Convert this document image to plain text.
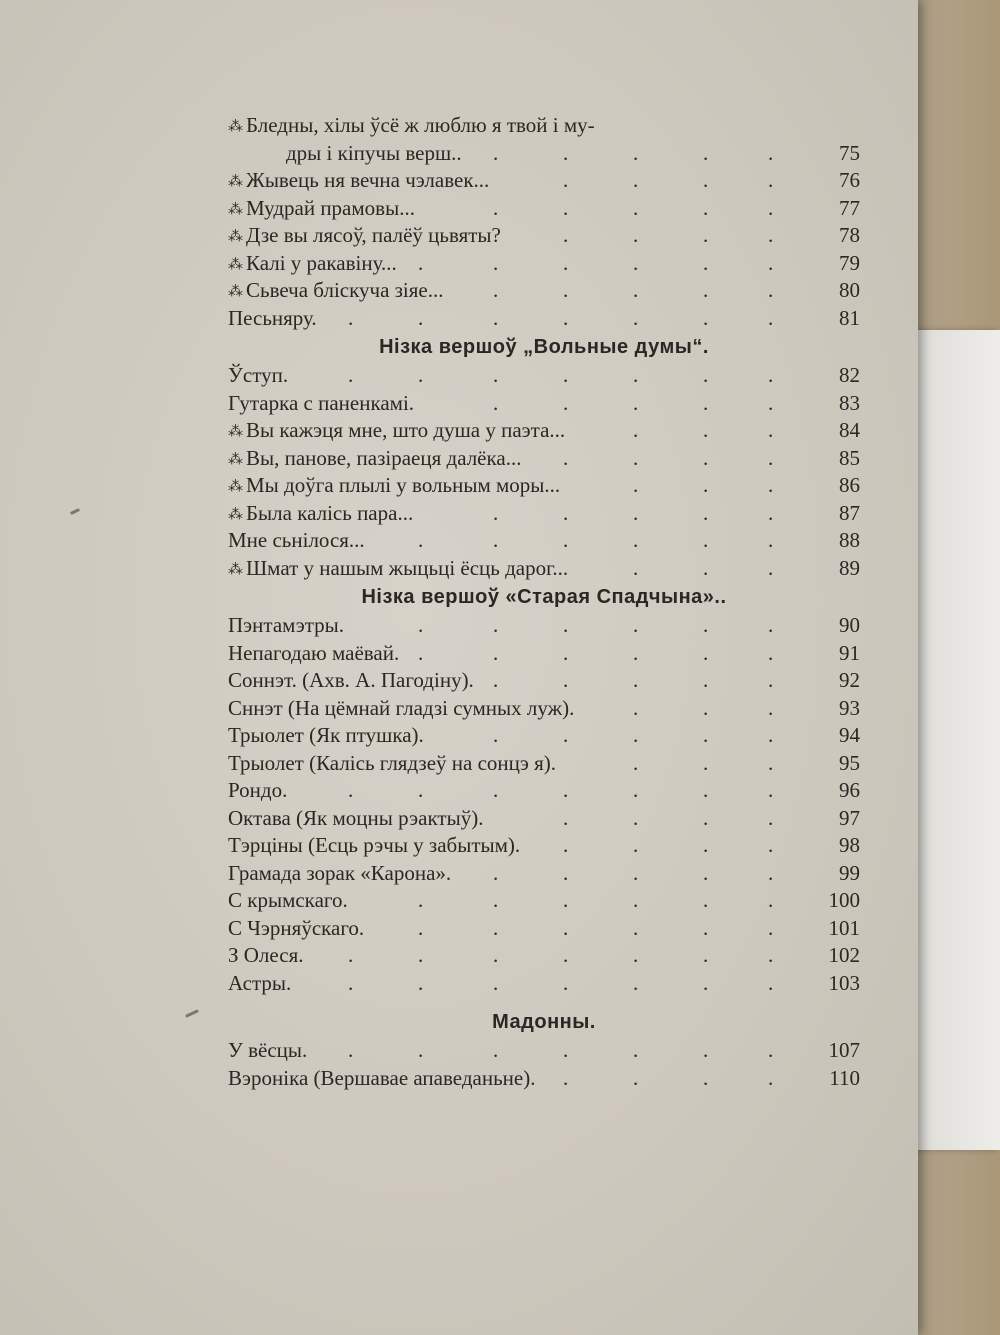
⁂ Бледны, хілы ўсё ж люблю я твой і му-
дры і кіпучы верш.. .	.	.	.	.	75
⁂ Жывець ня вечна чэлавек...	.	.	.	.	76
⁂ Мудрай прамовы...	.	.	.	.	.	77
⁂ Дзе вы лясоў, палёў цьвяты?	.	.	.	.	78
⁂ Калі у ракавіну... .	.	.	.	.	.	79
⁂ Сьвеча бліскуча зіяе... .	.	.	.	.	80
Песьняру. .	.	.	.	.	.	.	81
Нізка вершоў „Вольные думы“.
Ўступ.	.	.	.	.	.	.	.	82
Гутарка с паненкамі.	.	.	.	.	.	83
⁂ Вы кажэця мне, што душа у паэта...	.	.	.	84
⁂ Вы, панове, пазіраеця далёка... .	.	.	.	85
⁂ Мы доўга плылі у вольным моры...	.	.	.	86
⁂ Была калісь пара...	.	.	.	.	.	87
Мне сьнілося...	.	.	.	.	.	.	88
⁂ Шмат у нашым жыцьці ёсць дарог...	.	.	.	89
Нізка вершоў «Старая Спадчына»..
Пэнтамэтры.	.	.	.	.	.	.	90
Непагодаю маёвай. .	.	.	.	.	.	91
Соннэт. (Ахв. А. Пагодіну). .	.	.	.	.	92
Сннэт (На цёмнай гладзі сумных луж).	.	.	.	93
Трыолет (Як птушка).	.	.	.	.	.	94
Трыолет (Калісь глядзеў на сонцэ я).	.	.	.	95
Рондо.	.	.	.	.	.	.	.	96
Октава (Як моцны рэактыў).	.	.	.	.	97
Тэрціны (Есць рэчы у забытым). .	.	.	.	98
Грамада зорак «Карона». .	.	.	.	.	99
С крымскаго.	.	.	.	.	.	.	100
С Чэрняўскаго.	.	.	.	.	.	.	101
З Олеся. .	.	.	.	.	.	.	102
Астры.	.	.	.	.	.	.	.	103
Мадонны.
У вёсцы. .	.	.	.	.	.	.	107
Вэроніка (Вершавае апаведаньне). .	.	.	.	110
